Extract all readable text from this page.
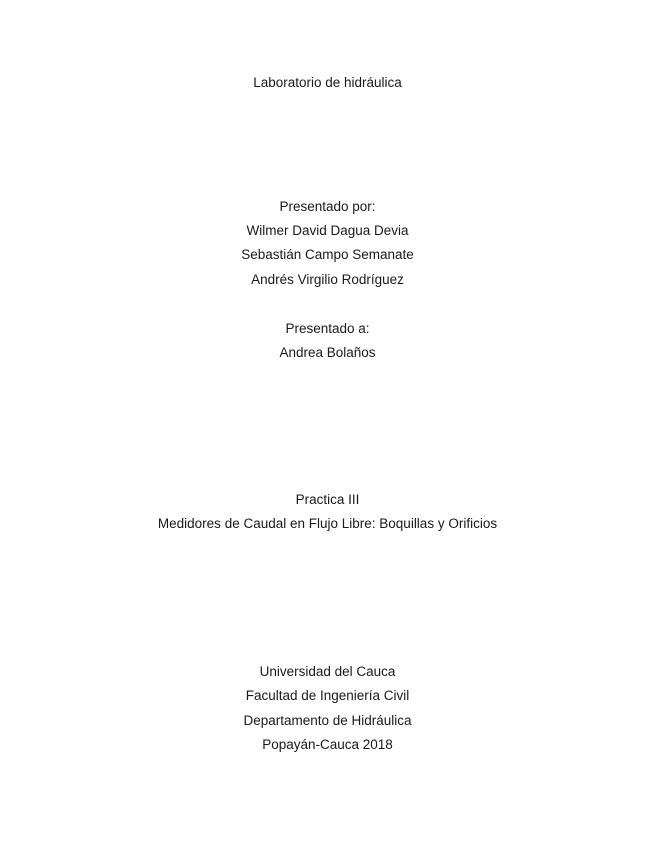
Laboratorio de hidráulica
Presentado por:
Wilmer David Dagua Devia
Sebastián Campo Semanate
Andrés Virgilio Rodríguez
Presentado a:
Andrea Bolaños
Practica III
Medidores de Caudal en Flujo Libre: Boquillas y Orificios
Universidad del Cauca
Facultad de Ingeniería Civil
Departamento de Hidráulica
Popayán-Cauca 2018
